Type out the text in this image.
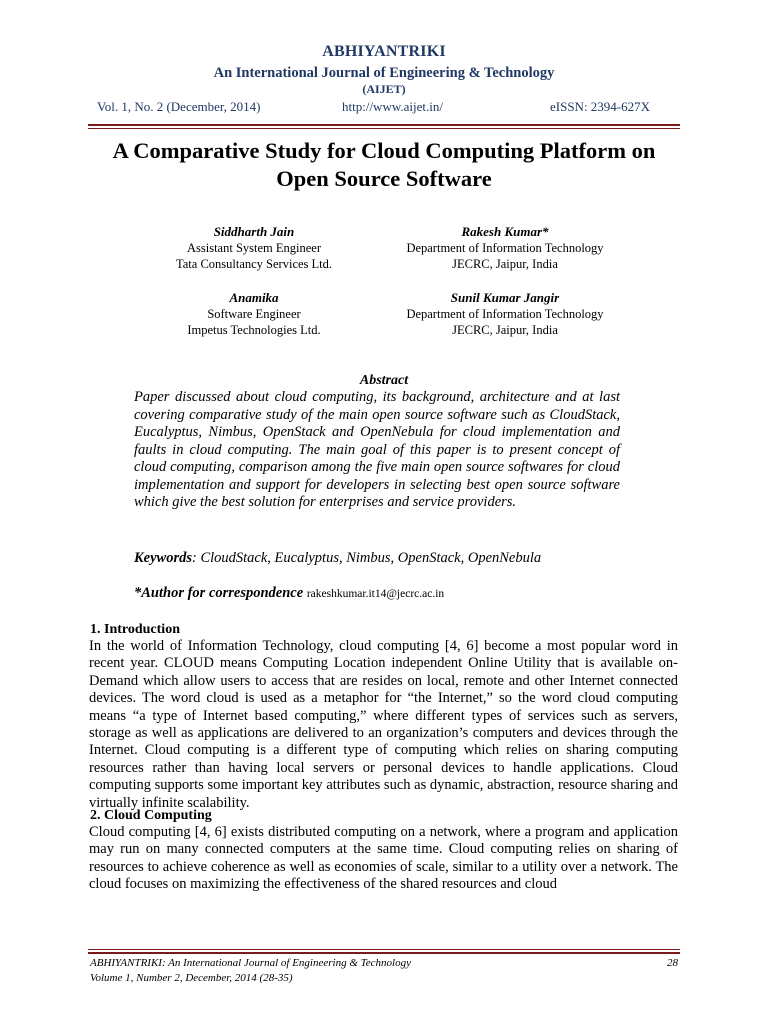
ABHIYANTRIKI
An International Journal of Engineering & Technology
(AIJET)
Vol. 1, No. 2 (December, 2014)	http://www.aijet.in/	eISSN: 2394-627X
A Comparative Study for Cloud Computing Platform on
Open Source Software
Siddharth Jain
Assistant System Engineer
Tata Consultancy Services Ltd.
Rakesh Kumar*
Department of Information Technology
JECRC, Jaipur, India
Anamika
Software Engineer
Impetus Technologies Ltd.
Sunil Kumar Jangir
Department of Information Technology
JECRC, Jaipur, India
Abstract
Paper discussed about cloud computing, its background, architecture and at last covering comparative study of the main open source software such as CloudStack, Eucalyptus, Nimbus, OpenStack and OpenNebula for cloud implementation and faults in cloud computing. The main goal of this paper is to present concept of cloud computing, comparison among the five main open source softwares for cloud implementation and support for developers in selecting best open source software which give the best solution for enterprises and service providers.
Keywords: CloudStack, Eucalyptus, Nimbus, OpenStack, OpenNebula
*Author for correspondence rakeshkumar.it14@jecrc.ac.in
1. Introduction
In the world of Information Technology, cloud computing [4, 6] become a most popular word in recent year. CLOUD means Computing Location independent Online Utility that is available on-Demand which allow users to access that are resides on local, remote and other Internet connected devices. The word cloud is used as a metaphor for “the Internet,” so the word cloud computing means “a type of Internet based computing,” where different types of services such as servers, storage as well as applications are delivered to an organization’s computers and devices through the Internet. Cloud computing is a different type of computing which relies on sharing computing resources rather than having local servers or personal devices to handle applications. Cloud computing supports some important key attributes such as dynamic, abstraction, resource sharing and virtually infinite scalability.
2. Cloud Computing
Cloud computing [4, 6] exists distributed computing on a network, where a program and application may run on many connected computers at the same time. Cloud computing relies on sharing of resources to achieve coherence as well as economies of scale, similar to a utility over a network. The cloud focuses on maximizing the effectiveness of the shared resources and cloud
ABHIYANTRIKI: An International Journal of Engineering & Technology
Volume 1, Number 2, December, 2014 (28-35)
28
